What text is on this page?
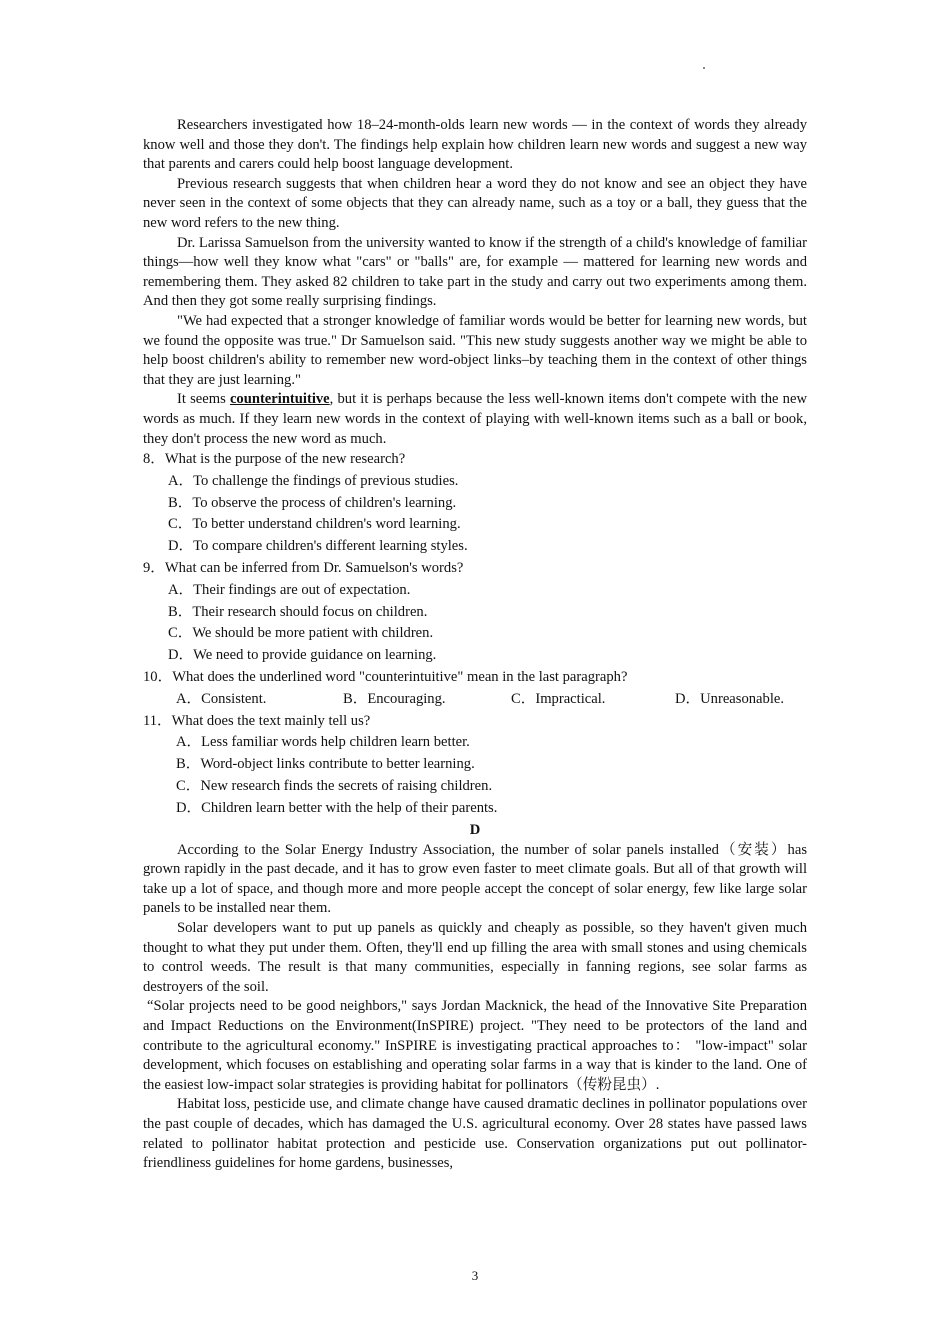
Researchers investigated how 18–24-month-olds learn new words — in the context of words they already know well and those they don't. The findings help explain how children learn new words and suggest a new way that parents and carers could help boost language development.

Previous research suggests that when children hear a word they do not know and see an object they have never seen in the context of some objects that they can already name, such as a toy or a ball, they guess that the new word refers to the new thing.

Dr. Larissa Samuelson from the university wanted to know if the strength of a child's knowledge of familiar things—how well they know what "cars" or "balls" are, for example — mattered for learning new words and remembering them. They asked 82 children to take part in the study and carry out two experiments among them. And then they got some really surprising findings.

"We had expected that a stronger knowledge of familiar words would be better for learning new words, but we found the opposite was true." Dr Samuelson said. "This new study suggests another way we might be able to help boost children's ability to remember new word-object links–by teaching them in the context of other things that they are just learning."

It seems counterintuitive, but it is perhaps because the less well-known items don't compete with the new words as much. If they learn new words in the context of playing with well-known items such as a ball or book, they don't process the new word as much.

8．What is the purpose of the new research?

A．To challenge the findings of previous studies.

B．To observe the process of children's learning.

C．To better understand children's word learning.

D．To compare children's different learning styles.

9．What can be inferred from Dr. Samuelson's words?

A．Their findings are out of expectation.

B．Their research should focus on children.

C．We should be more patient with children.

D．We need to provide guidance on learning.

10．What does the underlined word "counterintuitive" mean in the last paragraph?

A．Consistent.	B．Encouraging.	C．Impractical.	D．Unreasonable.

11．What does the text mainly tell us?

A．Less familiar words help children learn better.

B．Word-object links contribute to better learning.

C．New research finds the secrets of raising children.

D．Children learn better with the help of their parents.

D

According to the Solar Energy Industry Association, the number of solar panels installed（安装）has grown rapidly in the past decade, and it has to grow even faster to meet climate goals. But all of that growth will take up a lot of space, and though more and more people accept the concept of solar energy, few like large solar panels to be installed near them.

Solar developers want to put up panels as quickly and cheaply as possible, so they haven't given much thought to what they put under them. Often, they'll end up filling the area with small stones and using chemicals to control weeds. The result is that many communities, especially in fanning regions, see solar farms as destroyers of the soil.

“Solar projects need to be good neighbors," says Jordan Macknick, the head of the Innovative Site Preparation and Impact Reductions on the Environment(InSPIRE) project. "They need to be protectors of the land and contribute to the agricultural economy." InSPIRE is investigating practical approaches to： "low-impact" solar development, which focuses on establishing and operating solar farms in a way that is kinder to the land. One of the easiest low-impact solar strategies is providing habitat for pollinators（传粉昆虫）.

Habitat loss, pesticide use, and climate change have caused dramatic declines in pollinator populations over the past couple of decades, which has damaged the U.S. agricultural economy. Over 28 states have passed laws related to pollinator habitat protection and pesticide use. Conservation organizations put out pollinator-friendliness guidelines for home gardens, businesses,

3
